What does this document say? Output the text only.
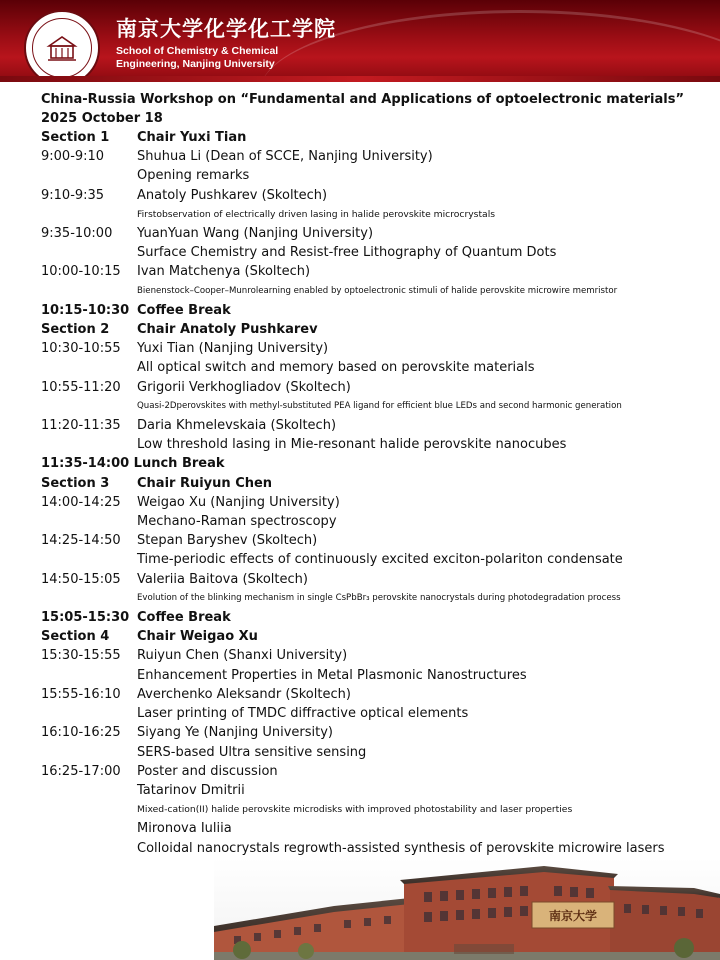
南京大学化学化工学院
School of Chemistry & Chemical
Engineering, Nanjing University
China-Russia Workshop on “Fundamental and Applications of optoelectronic materials”
2025 October 18
Section 1	Chair Yuxi Tian
9:00-9:10	Shuhua Li (Dean of SCCE, Nanjing University)
Opening remarks
9:10-9:35	Anatoly Pushkarev (Skoltech)
Firstobservation of electrically driven lasing in halide perovskite microcrystals
9:35-10:00	YuanYuan Wang (Nanjing University)
Surface Chemistry and Resist-free Lithography of Quantum Dots
10:00-10:15	Ivan Matchenya (Skoltech)
Bienenstock–Cooper–Munrolearning enabled by optoelectronic stimuli of halide perovskite microwire memristor
10:15-10:30 Coffee Break
Section 2	Chair Anatoly Pushkarev
10:30-10:55	Yuxi Tian (Nanjing University)
All optical switch and memory based on perovskite materials
10:55-11:20	Grigorii Verkhogliadov (Skoltech)
Quasi-2Dperovskites with methyl-substituted PEA ligand for efficient blue LEDs and second harmonic generation
11:20-11:35	Daria Khmelevskaia (Skoltech)
Low threshold lasing in Mie-resonant halide perovskite nanocubes
11:35-14:00 Lunch Break
Section 3	Chair Ruiyun Chen
14:00-14:25	Weigao Xu (Nanjing University)
Mechano-Raman spectroscopy
14:25-14:50	Stepan Baryshev (Skoltech)
Time-periodic effects of continuously excited exciton-polariton condensate
14:50-15:05	Valeriia Baitova (Skoltech)
Evolution of the blinking mechanism in single CsPbBr₃ perovskite nanocrystals during photodegradation process
15:05-15:30 Coffee Break
Section 4	Chair Weigao Xu
15:30-15:55	Ruiyun Chen (Shanxi University)
Enhancement Properties in Metal Plasmonic Nanostructures
15:55-16:10	Averchenko Aleksandr (Skoltech)
Laser printing of TMDC diffractive optical elements
16:10-16:25	Siyang Ye (Nanjing University)
SERS-based Ultra sensitive sensing
16:25-17:00	Poster and discussion
Tatarinov Dmitrii
Mixed-cation(II) halide perovskite microdisks with improved photostability and laser properties
Mironova Iuliia
Colloidal nanocrystals regrowth-assisted synthesis of perovskite microwire lasers
南京大学
